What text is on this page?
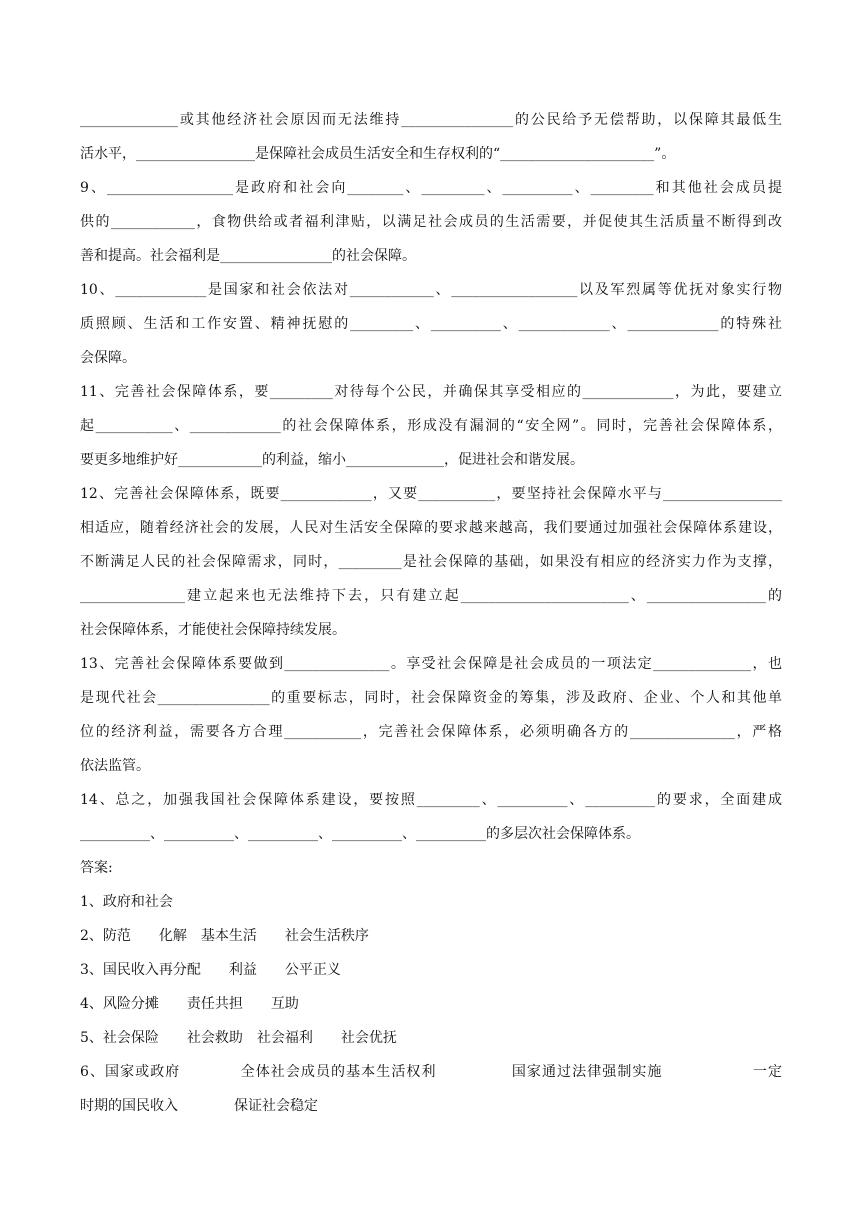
______________或其他经济社会原因而无法维持________________的公民给予无偿帮助，以保障其最低生
活水平，_________________是保障社会成员生活安全和生存权利的“______________________”。
9、__________________是政府和社会向________、_________、__________、_________和其他社会成员提
供的____________，食物供给或者福利津贴，以满足社会成员的生活需要，并促使其生活质量不断得到改
善和提高。社会福利是________________的社会保障。
10、_____________是国家和社会依法对____________、__________________以及军烈属等优抚对象实行物
质照顾、生活和工作安置、精神抚慰的_________、__________、_____________、_____________的特殊社
会保障。
11、完善社会保障体系，要_________对待每个公民，并确保其享受相应的_____________，为此，要建立
起___________、_____________的社会保障体系，形成没有漏洞的“安全网”。同时，完善社会保障体系，
要更多地维护好____________的利益，缩小______________，促进社会和谐发展。
12、完善社会保障体系，既要_____________，又要___________，要坚持社会保障水平与_________________
相适应，随着经济社会的发展，人民对生活安全保障的要求越来越高，我们要通过加强社会保障体系建设，
不断满足人民的社会保障需求，同时，_________是社会保障的基础，如果没有相应的经济实力作为支撑，
_______________建立起来也无法维持下去，只有建立起________________________、_________________的
社会保障体系，才能使社会保障持续发展。
13、完善社会保障体系要做到_______________。享受社会保障是社会成员的一项法定______________，也
是现代社会________________的重要标志，同时，社会保障资金的筹集，涉及政府、企业、个人和其他单
位的经济利益，需要各方合理___________，完善社会保障体系，必须明确各方的_______________，严格
依法监管。
14、总之，加强我国社会保障体系建设，要按照_________、__________、__________的要求，全面建成
__________、__________、__________、__________、__________的多层次社会保障体系。
答案:
1、政府和社会
2、防范　　化解　基本生活　　社会生活秩序
3、国民收入再分配　　利益　　公平正义
4、风险分摊　　责任共担　　互助
5、社会保险　　社会救助　社会福利　　社会优抚
6、国家或政府　　　　全体社会成员的基本生活权利　　　　　国家通过法律强制实施　　　　　　一定
时期的国民收入　　　　保证社会稳定
